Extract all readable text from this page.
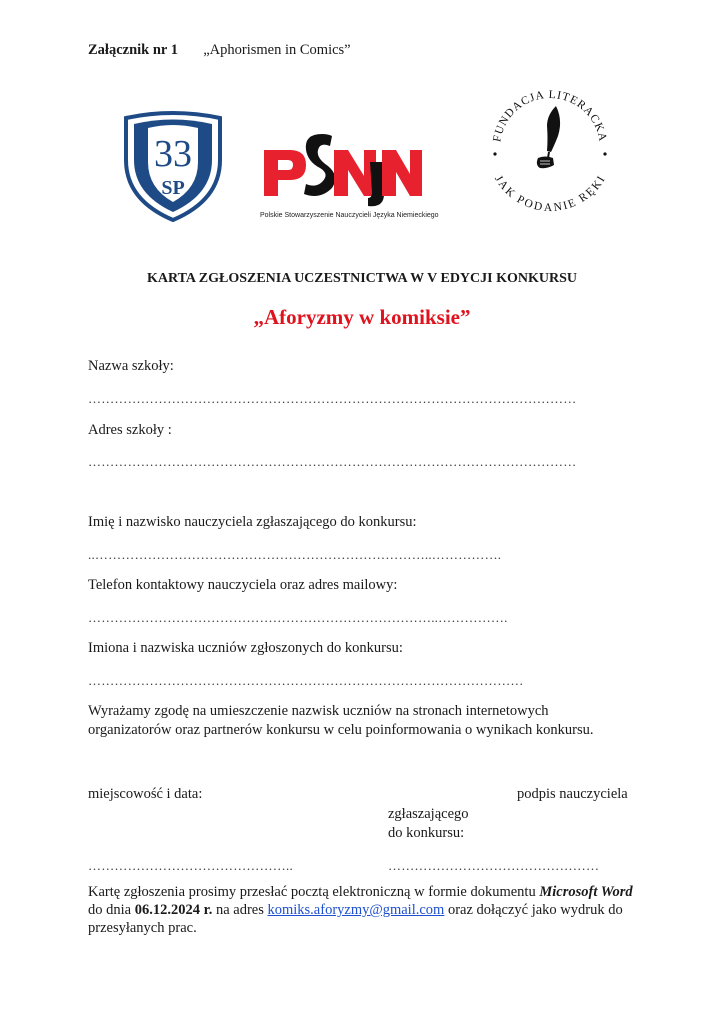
Załącznik nr 1 „Aphorismen in Comics”
33
SP
Polskie Stowarzyszenie Nauczycieli Języka Niemieckiego
FUNDACJA LITERACKA
JAK PODANIE RĘKI
KARTA ZGŁOSZENIA UCZESTNICTWA W V EDYCJI KONKURSU
„Aforyzmy w komiksie”
Nazwa szkoły:
…………………………………………………………………………………………………
Adres szkoły :
…………………………………………………………………………………………………
Imię i nazwisko nauczyciela zgłaszającego do konkursu:
..…………………………………………………………………..…………….
Telefon kontaktowy nauczyciela oraz adres mailowy:
……………………………………………………………………..…………….
Imiona i nazwiska uczniów zgłoszonych do konkursu:
………………………………………………………………………………………
Wyrażamy zgodę na umieszczenie nazwisk uczniów na stronach internetowych
organizatorów oraz partnerów konkursu w celu poinformowania o wynikach konkursu.
miejscowość i data:	podpis nauczyciela
zgłaszającego
do konkursu:
………………………………………..	…………………………………………
Kartę zgłoszenia prosimy przesłać pocztą elektroniczną w formie dokumentu Microsoft Word
do dnia 06.12.2024 r. na adres komiks.aforyzmy@gmail.com oraz dołączyć jako wydruk do
przesyłanych prac.
